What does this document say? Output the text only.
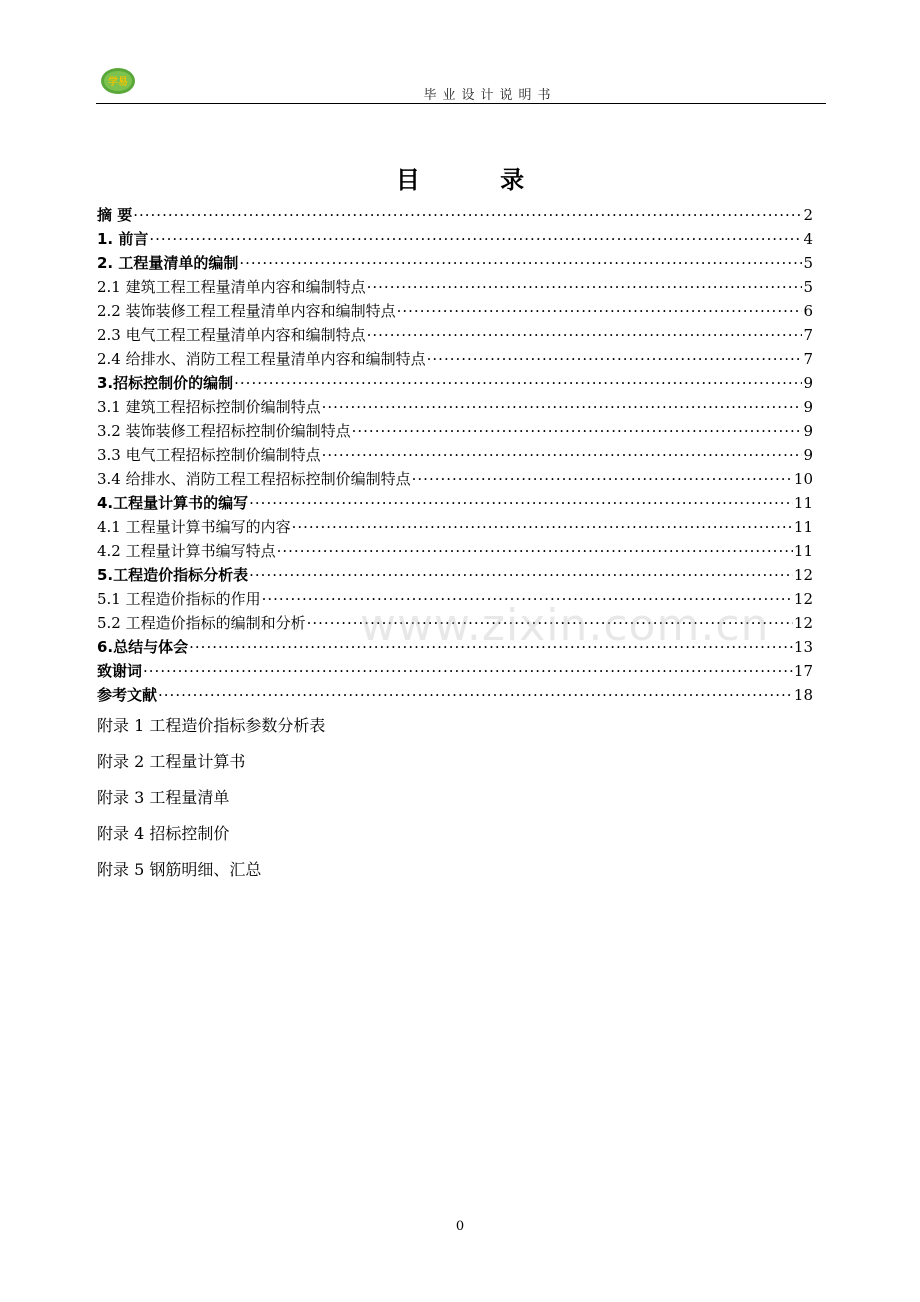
学易
毕业设计说明书
目 录
摘 要 ·····	2
1. 前言 ·····	4
2. 工程量清单的编制 ·····	5
2.1 建筑工程工程量清单内容和编制特点 ·····	5
2.2 装饰装修工程工程量清单内容和编制特点 ·····	6
2.3 电气工程工程量清单内容和编制特点 ·····	7
2.4 给排水、消防工程工程量清单内容和编制特点 ·····	7
3.招标控制价的编制 ·····	9
3.1 建筑工程招标控制价编制特点 ·····	9
3.2 装饰装修工程招标控制价编制特点 ·····	9
3.3 电气工程招标控制价编制特点 ·····	9
3.4 给排水、消防工程工程招标控制价编制特点 ·····	10
4.工程量计算书的编写 ·····	11
4.1 工程量计算书编写的内容 ·····	11
4.2 工程量计算书编写特点 ·····	11
5.工程造价指标分析表 ·····	12
5.1 工程造价指标的作用 ·····	12
5.2 工程造价指标的编制和分析 ·····	12
6.总结与体会 ·····	13
致谢词 ·····	17
参考文献 ·····	18
www.zixin.com.cn
附录 1 工程造价指标参数分析表
附录 2 工程量计算书
附录 3 工程量清单
附录 4 招标控制价
附录 5 钢筋明细、汇总
0
